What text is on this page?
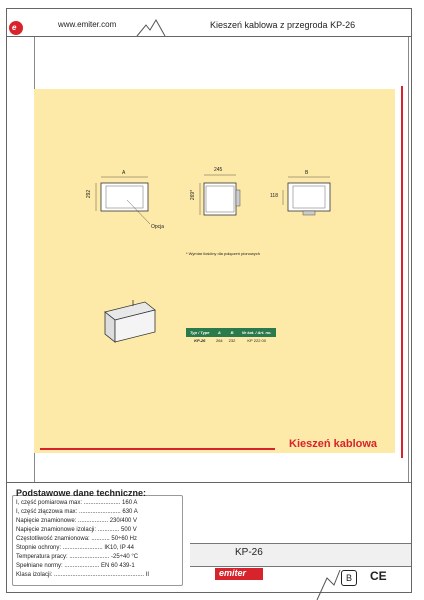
e	www.emiter.com	Kieszeń kablowa z przegroda KP-26
Kieszeń kablowa
A	245	B
292	269*	118
Opcja
* Wymiar ilośćiny dla połączeń pionowych
Typ / Type	A	B	Nr kat. / Art. no.
KP-26	264	232	KP 222 00
Podstawowe dane techniczne:
I, część pomiarowa max: ...................... 160 A
I, część złączowa max: ......................... 630 A
Napięcie znamionowe: .................. 230/400 V
Napięcie znamionowe izolacji: ............. 500 V
Częstotliwość znamionowa: ........... 50÷60 Hz
Stopnie ochrony: ........................ IK10, IP 44
Temperatura pracy: ........................ -25÷40 °C
Spełniane normy: ..................... EN 60 439-1
Klasa izolacji: ...................................................... II
KP-26
emiter	B	CE
